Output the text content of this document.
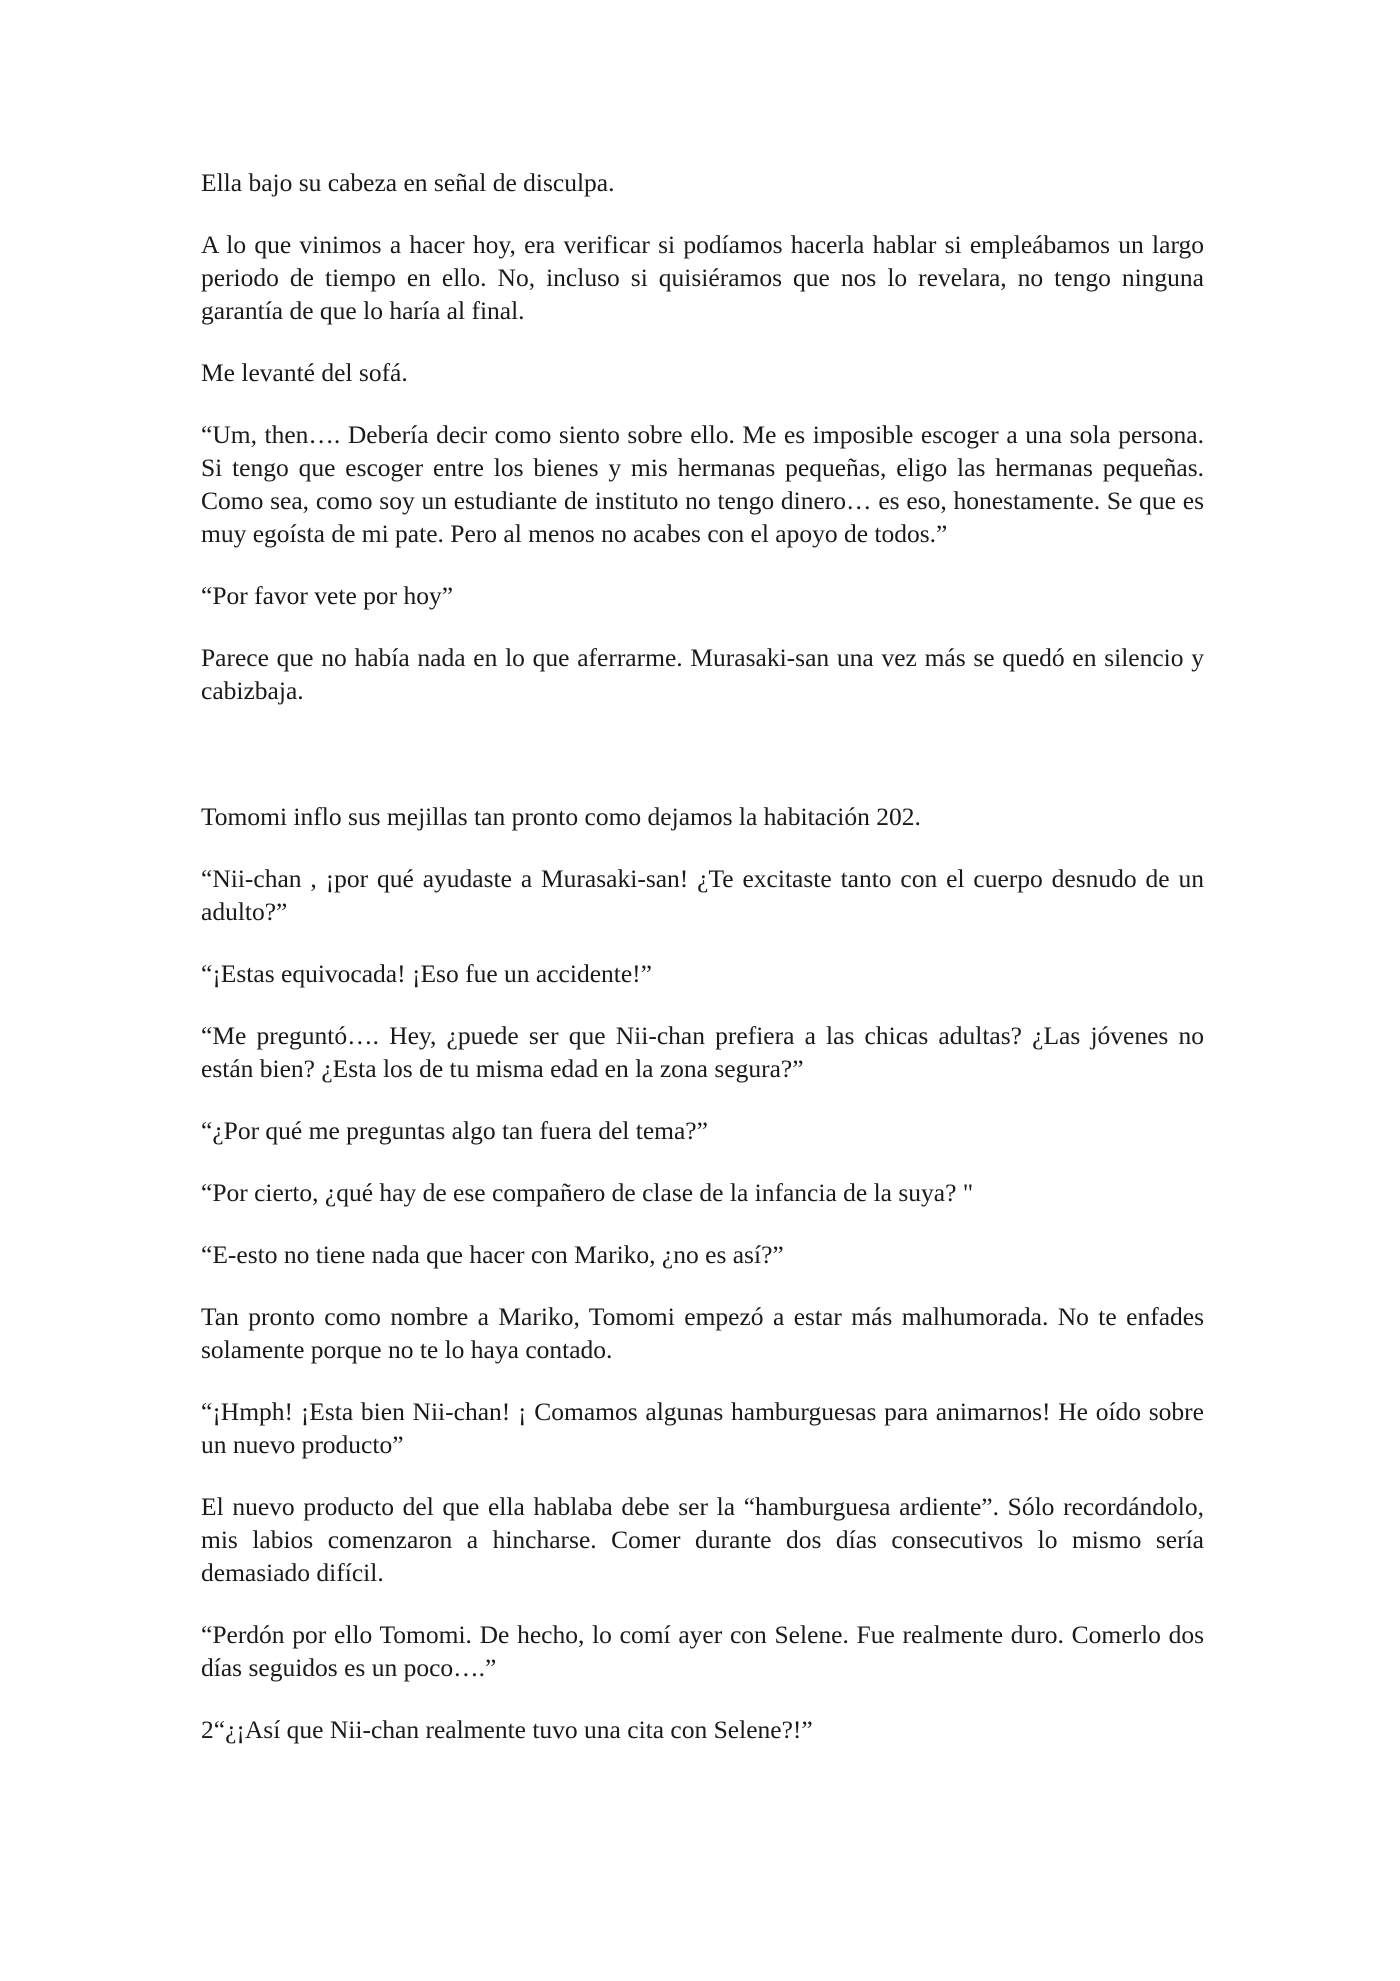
Ella bajo su cabeza en señal de disculpa.

A lo que vinimos a hacer hoy, era verificar si podíamos hacerla hablar si empleábamos un largo periodo de tiempo en ello. No, incluso si quisiéramos que nos lo revelara, no tengo ninguna garantía de que lo haría al final.

Me levanté del sofá.

“Um, then…. Debería decir como siento sobre ello. Me es imposible escoger a una sola persona. Si tengo que escoger entre los bienes y mis hermanas pequeñas, eligo las hermanas pequeñas. Como sea, como soy un estudiante de instituto no tengo dinero… es eso, honestamente. Se que es muy egoísta de mi pate. Pero al menos no acabes con el apoyo de todos.”

“Por favor vete por hoy”

Parece que no había nada en lo que aferrarme. Murasaki-san una vez más se quedó en silencio y cabizbaja.

Tomomi inflo sus mejillas tan pronto como dejamos la habitación 202.

“Nii-chan , ¡por qué ayudaste a Murasaki-san! ¿Te excitaste tanto con el cuerpo desnudo de un adulto?”

“¡Estas equivocada! ¡Eso fue un accidente!”

“Me preguntó…. Hey, ¿puede ser que Nii-chan prefiera a las chicas adultas? ¿Las jóvenes no están bien? ¿Esta los de tu misma edad en la zona segura?”

“¿Por qué me preguntas algo tan fuera del tema?”

“Por cierto, ¿qué hay de ese compañero de clase de la infancia de la suya? "

“E-esto no tiene nada que hacer con Mariko, ¿no es así?”

Tan pronto como nombre a Mariko, Tomomi empezó a estar más malhumorada. No te enfades solamente porque no te lo haya contado.

“¡Hmph! ¡Esta bien Nii-chan! ¡ Comamos algunas hamburguesas para animarnos! He oído sobre un nuevo producto”

El nuevo producto del que ella hablaba debe ser la “hamburguesa ardiente”. Sólo recordándolo, mis labios comenzaron a hincharse. Comer durante dos días consecutivos lo mismo sería demasiado difícil.

“Perdón por ello Tomomi. De hecho, lo comí ayer con Selene. Fue realmente duro. Comerlo dos días seguidos es un poco….”

2“¿¡Así que Nii-chan realmente tuvo una cita con Selene?!”
